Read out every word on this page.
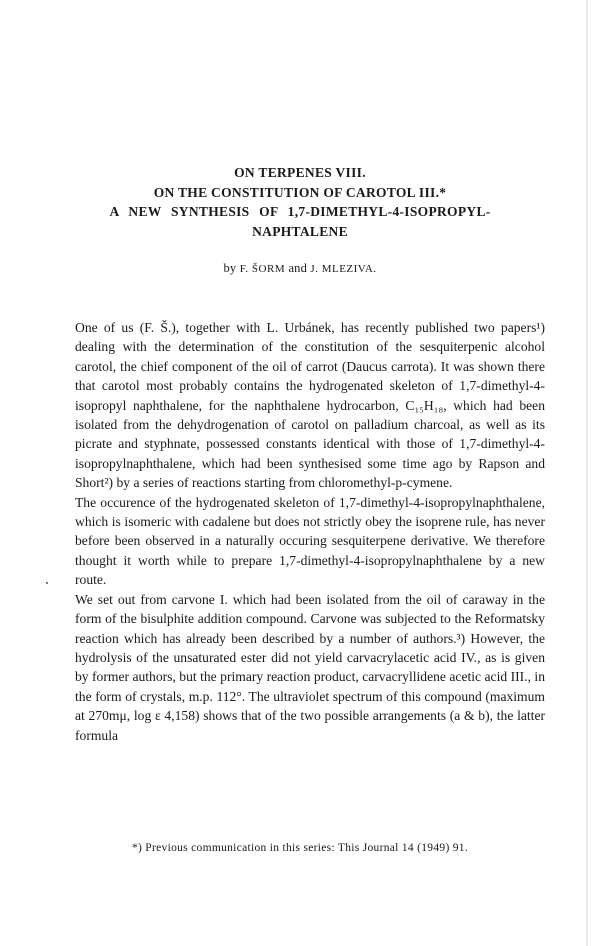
ON TERPENES VIII.
ON THE CONSTITUTION OF CAROTOL III.*
A NEW SYNTHESIS OF 1,7-DIMETHYL-4-ISOPROPYL-
NAPHTALENE
by F. ŠORM and J. MLEZIVA.

One of us (F. Š.), together with L. Urbánek, has recently published two papers¹) dealing with the determination of the constitution of the sesquiterpenic alcohol carotol, the chief component of the oil of carrot (Daucus carrota). It was shown there that carotol most probably contains the hydrogenated skeleton of 1,7-dimethyl-4-isopropyl naphthalene, for the naphthalene hydrocarbon, C₁₅H₁₈, which had been isolated from the dehydrogenation of carotol on palladium charcoal, as well as its picrate and styphnate, possessed constants identical with those of 1,7-dimethyl-4-isopropylnaphthalene, which had been synthesised some time ago by Rapson and Short²) by a series of reactions starting from chloromethyl-p-cymene.

The occurence of the hydrogenated skeleton of 1,7-dimethyl-4-isopropylnaphthalene, which is isomeric with cadalene but does not strictly obey the isoprene rule, has never before been observed in a naturally occuring sesquiterpene derivative. We therefore thought it worth while to prepare 1,7-dimethyl-4-isopropylnaphthalene by a new route.

We set out from carvone I. which had been isolated from the oil of caraway in the form of the bisulphite addition compound. Carvone was subjected to the Reformatsky reaction which has already been described by a number of authors.³) However, the hydrolysis of the unsaturated ester did not yield carvacrylacetic acid IV., as is given by former authors, but the primary reaction product, carvacryllidene acetic acid III., in the form of crystals, m.p. 112°. The ultraviolet spectrum of this compound (maximum at 270mμ, log ε 4,158) shows that of the two possible arrangements (a & b), the latter formula

*) Previous communication in this series: This Journal 14 (1949) 91.
